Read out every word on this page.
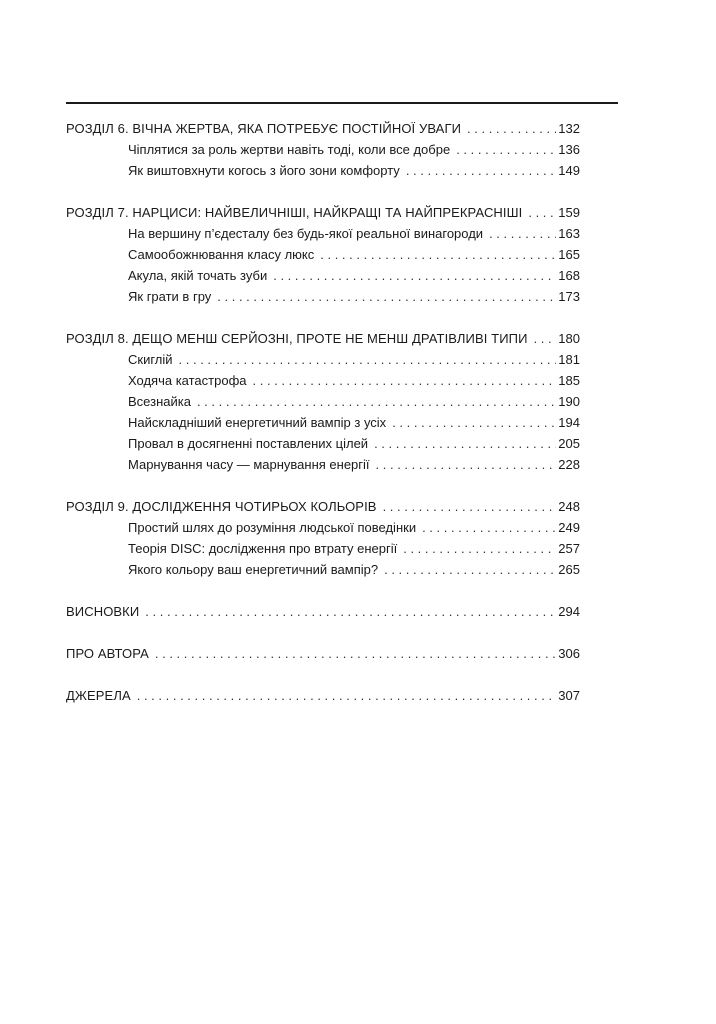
РОЗДІЛ 6. ВІЧНА ЖЕРТВА, ЯКА ПОТРЕБУЄ ПОСТІЙНОЇ УВАГИ . . .	132
Чіплятися за роль жертви навіть тоді, коли все добре . . .	136
Як виштовхнути когось з його зони комфорту . . .	149
РОЗДІЛ 7. НАРЦИСИ: НАЙВЕЛИЧНІШІ, НАЙКРАЩІ ТА НАЙПРЕКРАСНІШІ . . .	159
На вершину п’єдесталу без будь-якої реальної винагороди . . .	163
Самообожнювання класу люкс . . .	165
Акула, якій точать зуби . . .	168
Як грати в гру . . .	173
РОЗДІЛ 8. ДЕЩО МЕНШ СЕРЙОЗНІ, ПРОТЕ НЕ МЕНШ ДРАТІВЛИВІ ТИПИ . . . 180
Скиглій . . .	181
Ходяча катастрофа . . .	185
Всезнайка . . .	190
Найскладніший енергетичний вампір з усіх . . .	194
Провал в досягненні поставлених цілей . . .	205
Марнування часу — марнування енергії . . .	228
РОЗДІЛ 9. ДОСЛІДЖЕННЯ ЧОТИРЬОХ КОЛЬОРІВ . . .	248
Простий шлях до розуміння людської поведінки . . .	249
Теорія DISC: дослідження про втрату енергії . . .	257
Якого кольору ваш енергетичний вампір? . . .	265
ВИСНОВКИ . . .	294
ПРО АВТОРА . . .	306
ДЖЕРЕЛА . . .	307
